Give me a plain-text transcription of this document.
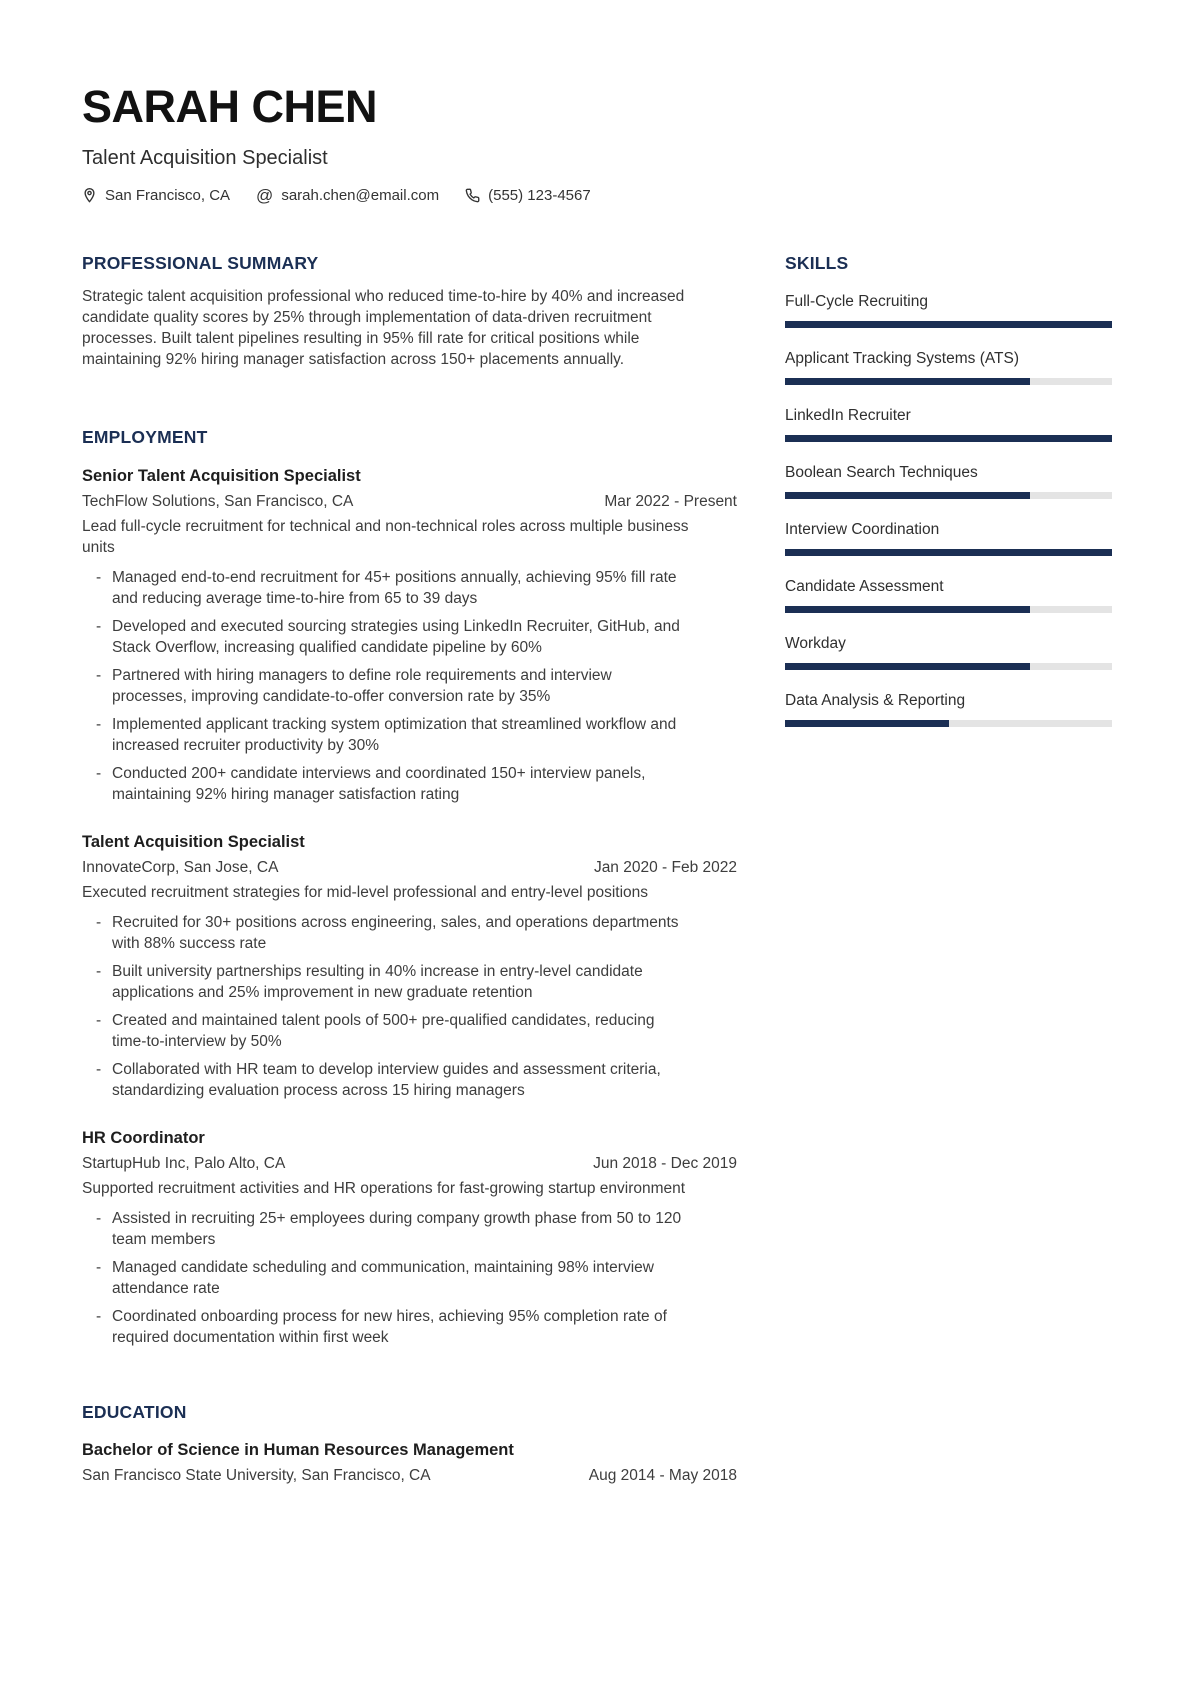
SARAH CHEN
Talent Acquisition Specialist
San Francisco, CA @ sarah.chen@email.com	(555) 123-4567
PROFESSIONAL SUMMARY

Strategic talent acquisition professional who reduced time-to-hire by 40% and increased candidate quality scores by 25% through implementation of data-driven recruitment processes. Built talent pipelines resulting in 95% fill rate for critical positions while maintaining 92% hiring manager satisfaction across 150+ placements annually.

EMPLOYMENT
Senior Talent Acquisition Specialist
TechFlow Solutions, San Francisco, CA	Mar 2022 - Present

Lead full-cycle recruitment for technical and non-technical roles across multiple business units

- Managed end-to-end recruitment for 45+ positions annually, achieving 95% fill rate and reducing average time-to-hire from 65 to 39 days
- Developed and executed sourcing strategies using LinkedIn Recruiter, GitHub, and Stack Overflow, increasing qualified candidate pipeline by 60%
- Partnered with hiring managers to define role requirements and interview processes, improving candidate-to-offer conversion rate by 35%
- Implemented applicant tracking system optimization that streamlined workflow and increased recruiter productivity by 30%
- Conducted 200+ candidate interviews and coordinated 150+ interview panels, maintaining 92% hiring manager satisfaction rating
Talent Acquisition Specialist
InnovateCorp, San Jose, CA	Jan 2020 - Feb 2022

Executed recruitment strategies for mid-level professional and entry-level positions

- Recruited for 30+ positions across engineering, sales, and operations departments with 88% success rate
- Built university partnerships resulting in 40% increase in entry-level candidate applications and 25% improvement in new graduate retention
- Created and maintained talent pools of 500+ pre-qualified candidates, reducing time-to-interview by 50%
- Collaborated with HR team to develop interview guides and assessment criteria, standardizing evaluation process across 15 hiring managers
HR Coordinator
StartupHub Inc, Palo Alto, CA	Jun 2018 - Dec 2019

Supported recruitment activities and HR operations for fast-growing startup environment

- Assisted in recruiting 25+ employees during company growth phase from 50 to 120 team members
- Managed candidate scheduling and communication, maintaining 98% interview attendance rate
- Coordinated onboarding process for new hires, achieving 95% completion rate of required documentation within first week
EDUCATION
Bachelor of Science in Human Resources Management
San Francisco State University, San Francisco, CA	Aug 2014 - May 2018
SKILLS
Full-Cycle Recruiting
Applicant Tracking Systems (ATS)
LinkedIn Recruiter
Boolean Search Techniques
Interview Coordination
Candidate Assessment
Workday
Data Analysis & Reporting
